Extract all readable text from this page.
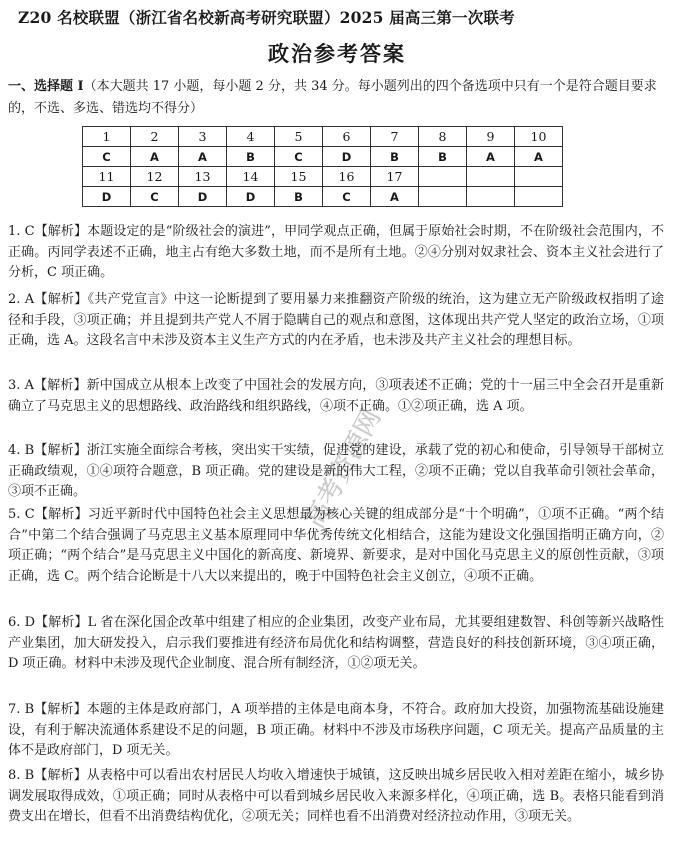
Z20 名校联盟（浙江省名校新高考研究联盟）2025 届高三第一次联考
政治参考答案
一、选择题 I（本大题共 17 小题，每小题 2 分，共 34 分。每小题列出的四个备选项中只有一个是符合题目要求的，不选、多选、错选均不得分）
1	2	3	4	5	6	7	8	9	10
C	A	A	B	C	D	B	B	A	A
11	12	13	14	15	16	17			
D	C	D	D	B	C	A			
1. C【解析】本题设定的是“阶级社会的演进”，甲同学观点正确，但属于原始社会时期，不在阶级社会范围内，不正确。丙同学表述不正确，地主占有绝大多数土地，而不是所有土地。②④分别对奴隶社会、资本主义社会进行了分析，C 项正确。
2. A【解析】《共产党宣言》中这一论断提到了要用暴力来推翻资产阶级的统治，这为建立无产阶级政权指明了途径和手段，③项正确；并且提到共产党人不屑于隐瞒自己的观点和意图，这体现出共产党人坚定的政治立场，①项正确，选 A。这段名言中未涉及资本主义生产方式的内在矛盾，也未涉及共产主义社会的理想目标。
3. A【解析】新中国成立从根本上改变了中国社会的发展方向，③项表述不正确；党的十一届三中全会召开是重新确立了马克思主义的思想路线、政治路线和组织路线，④项不正确。①②项正确，选 A 项。
4. B【解析】浙江实施全面综合考核，突出实干实绩，促进党的建设，承载了党的初心和使命，引导领导干部树立正确政绩观，①④项符合题意，B 项正确。党的建设是新的伟大工程，②项不正确；党以自我革命引领社会革命，③项不正确。
5. C【解析】习近平新时代中国特色社会主义思想最为核心关键的组成部分是“十个明确”，①项不正确。“两个结合”中第二个结合强调了马克思主义基本原理同中华优秀传统文化相结合，这能为建设文化强国指明正确方向，②项正确；“两个结合”是马克思主义中国化的新高度、新境界、新要求，是对中国化马克思主义的原创性贡献，③项正确，选 C。两个结合论断是十八大以来提出的，晚于中国特色社会主义创立，④项不正确。
6. D【解析】L 省在深化国企改革中组建了相应的企业集团，改变产业布局，尤其要组建数智、科创等新兴战略性产业集团，加大研发投入，启示我们要推进有经济布局优化和结构调整，营造良好的科技创新环境，③④项正确，D 项正确。材料中未涉及现代企业制度、混合所有制经济，①②项无关。
7. B【解析】本题的主体是政府部门，A 项举措的主体是电商本身，不符合。政府加大投资，加强物流基础设施建设，有利于解决流通体系建设不足的问题，B 项正确。材料中不涉及市场秩序问题，C 项无关。提高产品质量的主体不是政府部门，D 项无关。
8. B【解析】从表格中可以看出农村居民人均收入增速快于城镇，这反映出城乡居民收入相对差距在缩小，城乡协调发展取得成效，①项正确；同时从表格中可以看到城乡居民收入来源多样化，④项正确，选 B。表格只能看到消费支出在增长，但看不出消费结构优化，②项无关；同样也看不出消费对经济拉动作用，③项无关。
高考资源网
